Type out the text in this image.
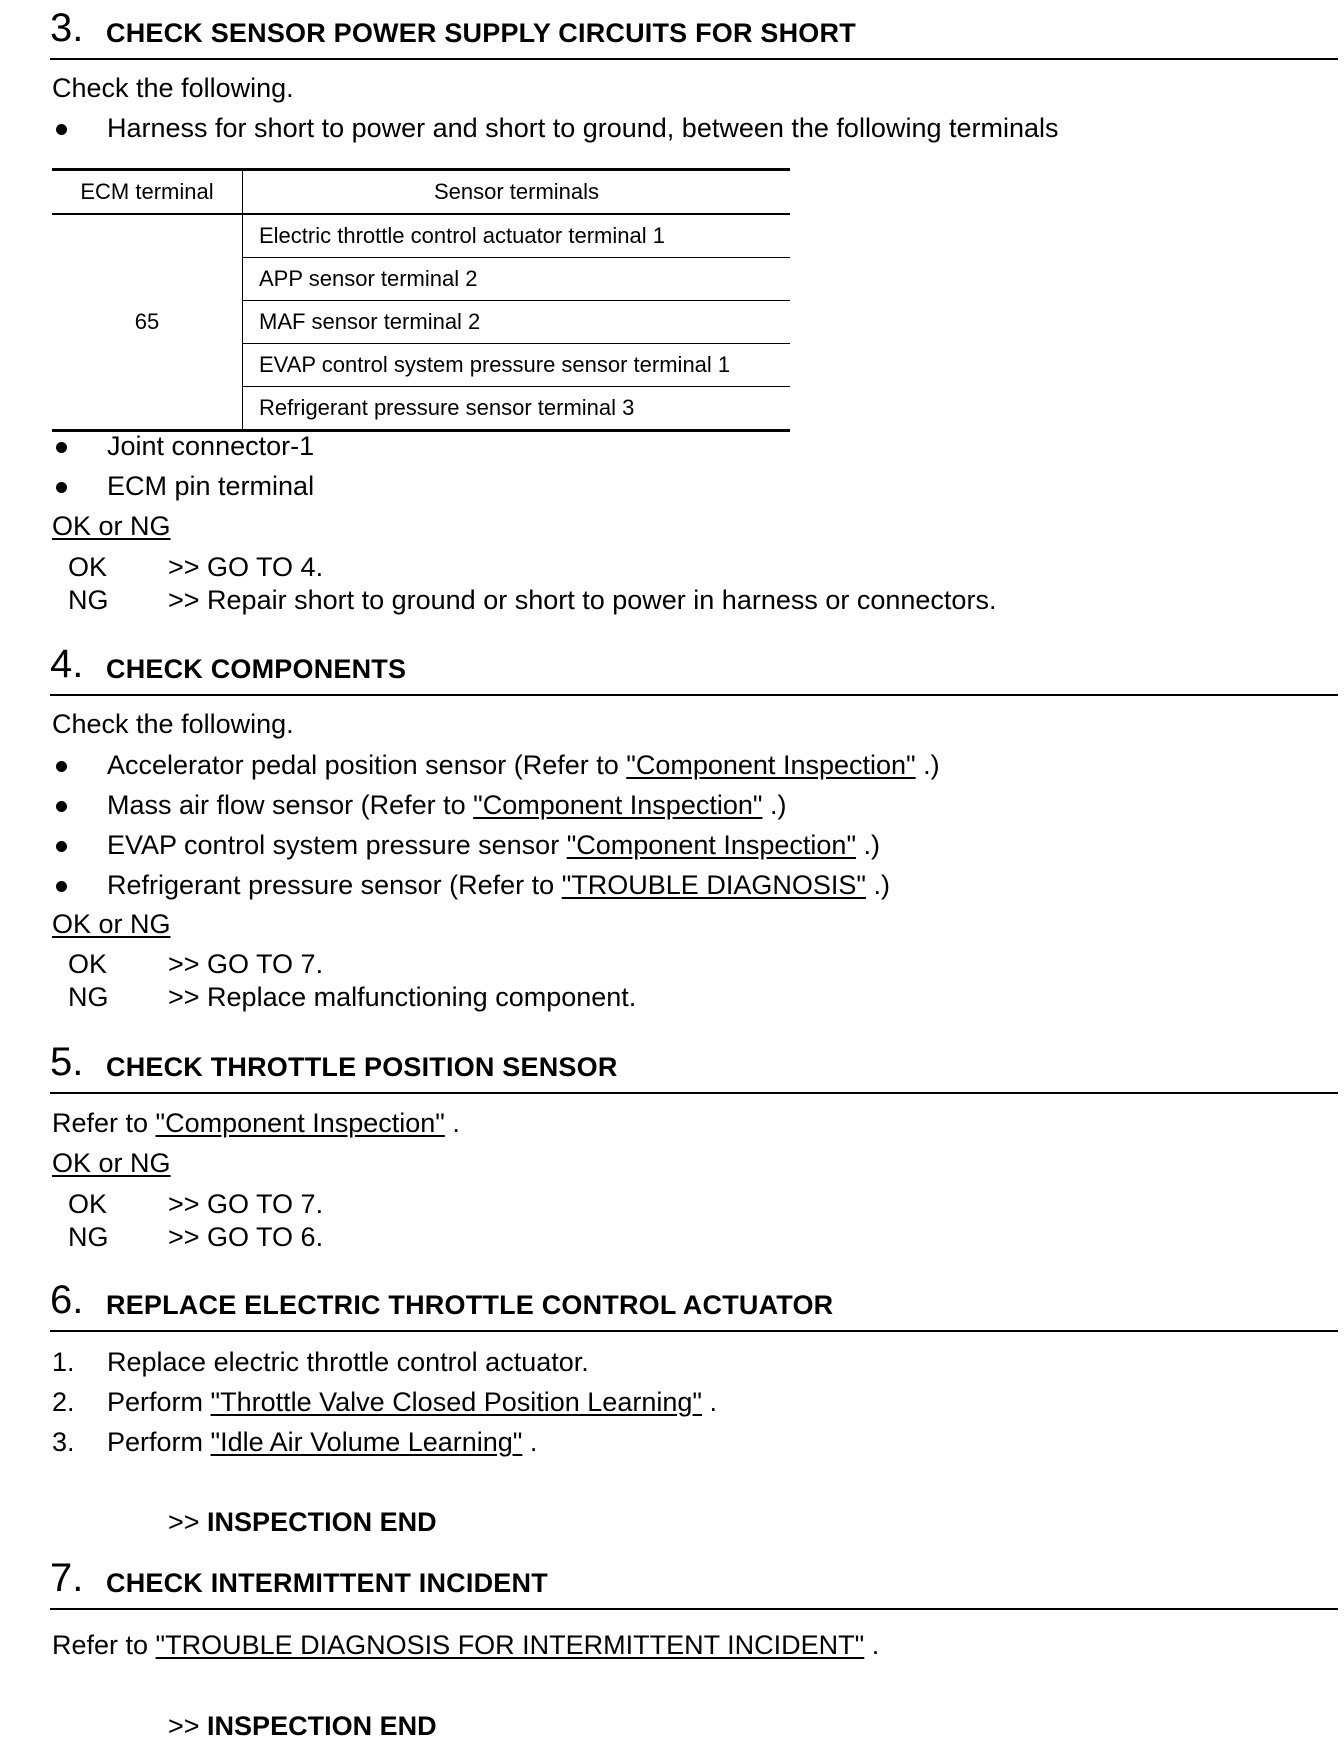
3. CHECK SENSOR POWER SUPPLY CIRCUITS FOR SHORT
Check the following.
Harness for short to power and short to ground, between the following terminals
ECM terminal	Sensor terminals
65	Electric throttle control actuator terminal 1
	APP sensor terminal 2
	MAF sensor terminal 2
	EVAP control system pressure sensor terminal 1
	Refrigerant pressure sensor terminal 3
Joint connector-1
ECM pin terminal
OK or NG
OK >> GO TO 4.
NG >> Repair short to ground or short to power in harness or connectors.
4. CHECK COMPONENTS
Check the following.
Accelerator pedal position sensor (Refer to "Component Inspection" .)
Mass air flow sensor (Refer to "Component Inspection" .)
EVAP control system pressure sensor "Component Inspection" .)
Refrigerant pressure sensor (Refer to "TROUBLE DIAGNOSIS" .)
OK or NG
OK >> GO TO 7.
NG >> Replace malfunctioning component.
5. CHECK THROTTLE POSITION SENSOR
Refer to "Component Inspection" .
OK or NG
OK >> GO TO 7.
NG >> GO TO 6.
6. REPLACE ELECTRIC THROTTLE CONTROL ACTUATOR
1. Replace electric throttle control actuator.
2. Perform "Throttle Valve Closed Position Learning" .
3. Perform "Idle Air Volume Learning" .
>> INSPECTION END
7. CHECK INTERMITTENT INCIDENT
Refer to "TROUBLE DIAGNOSIS FOR INTERMITTENT INCIDENT" .
>> INSPECTION END
